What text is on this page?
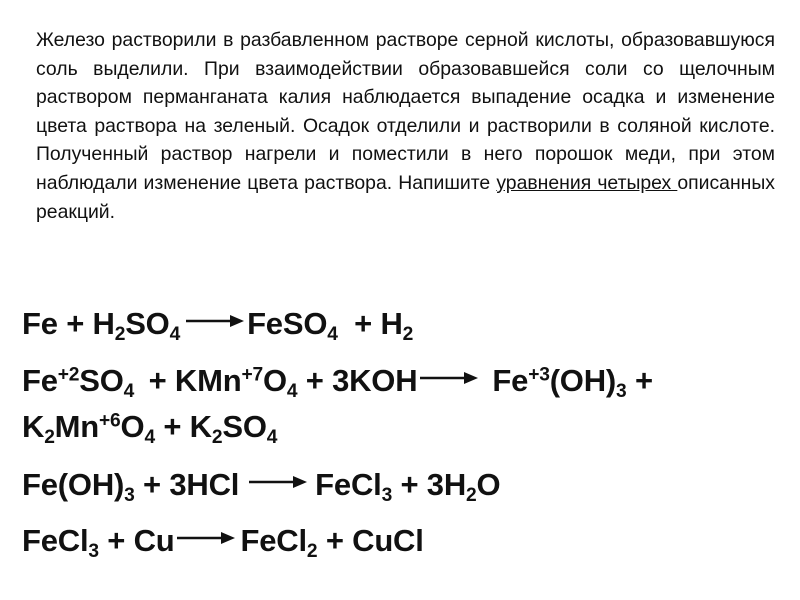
Железо растворили в разбавленном растворе серной кислоты, образовавшуюся соль выделили. При взаимодействии образовавшейся соли со щелочным раствором перманганата калия наблюдается выпадение осадка и изменение цвета раствора на зеленый. Осадок отделили и растворили в соляной кислоте. Полученный раствор нагрели и поместили в него порошок меди, при этом наблюдали изменение цвета раствора. Напишите уравнения четырех описанных реакций.
$Fe + H_2SO_4$ → FeSO$_4$ + $H_2$
$Fe^{+2}SO_4 + KMn^{+7}O_4 + 3KOH \to Fe^{+3}(OH)_3$ +
$K_2Mn^{+6}O_4 + K_2SO_4$
$Fe(OH)_3 + 3HCl$ → FeCl$_3$ + $3H_2O$
FeCl$_3$ + Cu → FeCl$_2$ + CuCl
